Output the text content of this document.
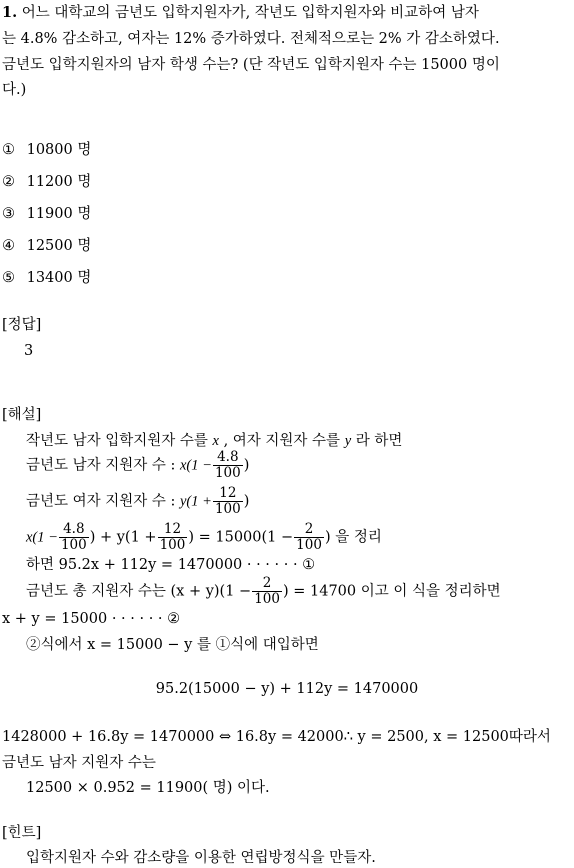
1. 어느 대학교의 금년도 입학지원자가, 작년도 입학지원자와 비교하여 남자
는 4.8% 감소하고, 여자는 12% 증가하였다. 전체적으로는 2% 가 감소하였다.
금년도 입학지원자의 남자 학생 수는? (단 작년도 입학지원자 수는 15000 명이
다.)
① 10800 명
② 11200 명
③ 11900 명
④ 12500 명
⑤ 13400 명
[정답]
3
[해설]
작년도 남자 입학지원자 수를 x , 여자 지원자 수를 y 라 하면
금년도 남자 지원자 수 : $x(1 - \frac{4.8}{100}$ )
금년도 여자 지원자 수 : $y(1 + \frac{12}{100}$ )
$x(1 - \frac{4.8}{100}$ ) + $y(1 + \frac{12}{100}$ ) = $15000(1 - \frac{2}{100}$ ) 을 정리
하면 95.2x + 112y = 1470000 · · · · · · ①
금년도 총 지원자 수는 $(x + y)(1 - \frac{2}{100}$ ) = 14700 이고 이 식을 정리하면
x + y = 15000 · · · · · · ②
②식에서 x = 15000 − y 를 ①식에 대입하면
95.2(15000 − y) + 112y = 1470000
1428000 + 16.8y = 1470000 ⇔ 16.8y = 42000∴ y = 2500, x = 12500따라서
금년도 남자 지원자 수는
12500 × 0.952 = 11900( 명) 이다.
[힌트]
입학지원자 수와 감소량을 이용한 연립방정식을 만들자.
